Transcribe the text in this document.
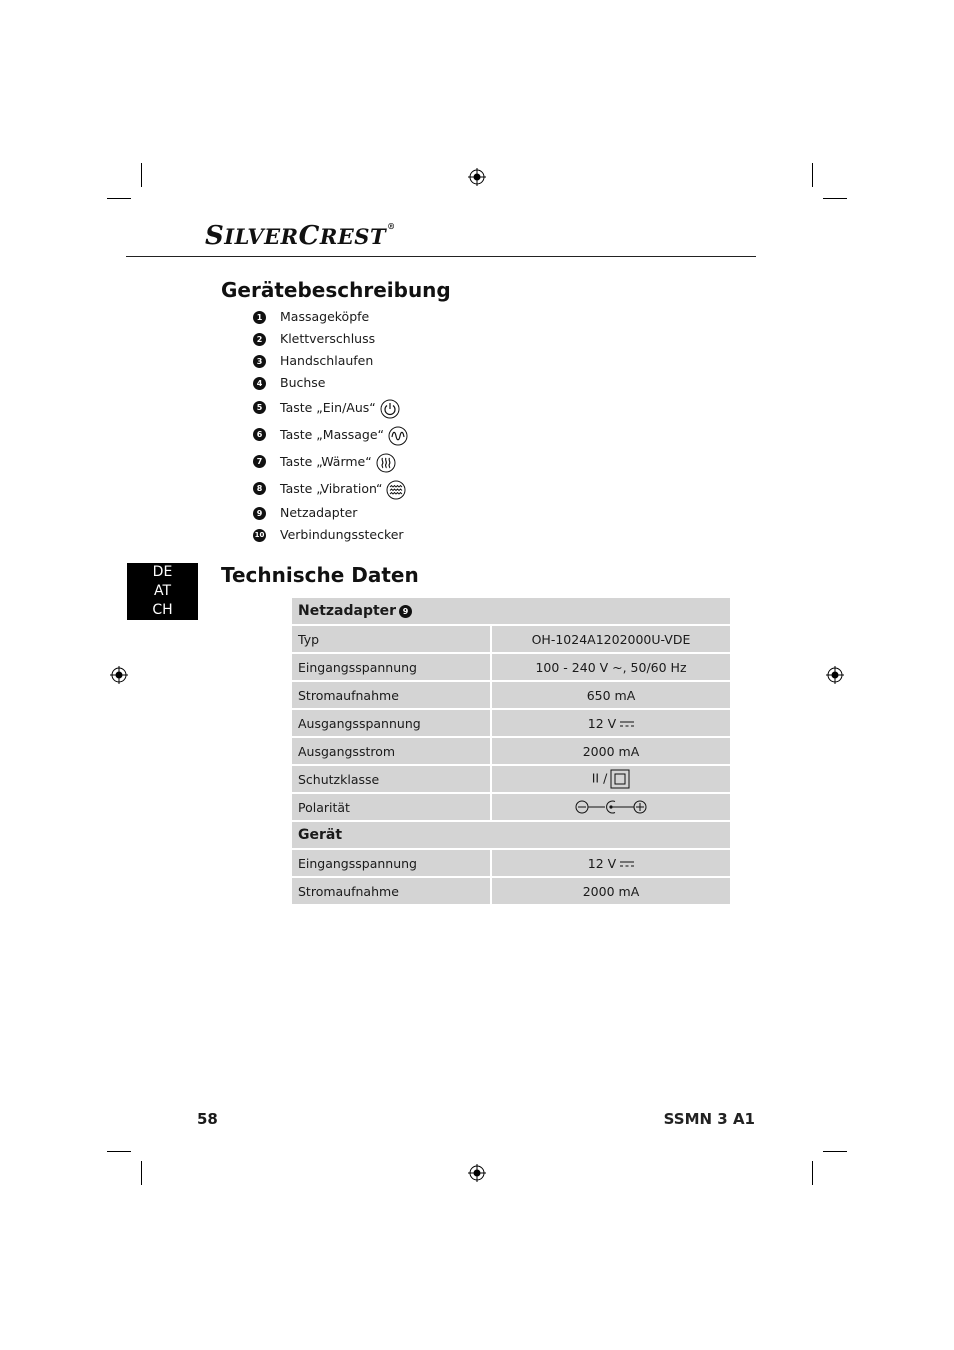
SILVERCREST®
Gerätebeschreibung
1 Massageköpfe
2 Klettverschluss
3 Handschlaufen
4 Buchse
5 Taste „Ein/Aus“
6 Taste „Massage“
7 Taste „Wärme“
8 Taste „Vibration“
9 Netzadapter
10 Verbindungsstecker
DE
AT
CH
Technische Daten
Netzadapter 9	
Typ	OH-1024A1202000U-VDE
Eingangsspannung	100 - 240 V ~, 50/60 Hz
Stromaufnahme	650 mA
Ausgangsspannung	12 V
Ausgangsstrom	2000 mA
Schutzklasse	II /
Polarität	
Gerät	
Eingangsspannung	12 V
Stromaufnahme	2000 mA
58	SSMN 3 A1
